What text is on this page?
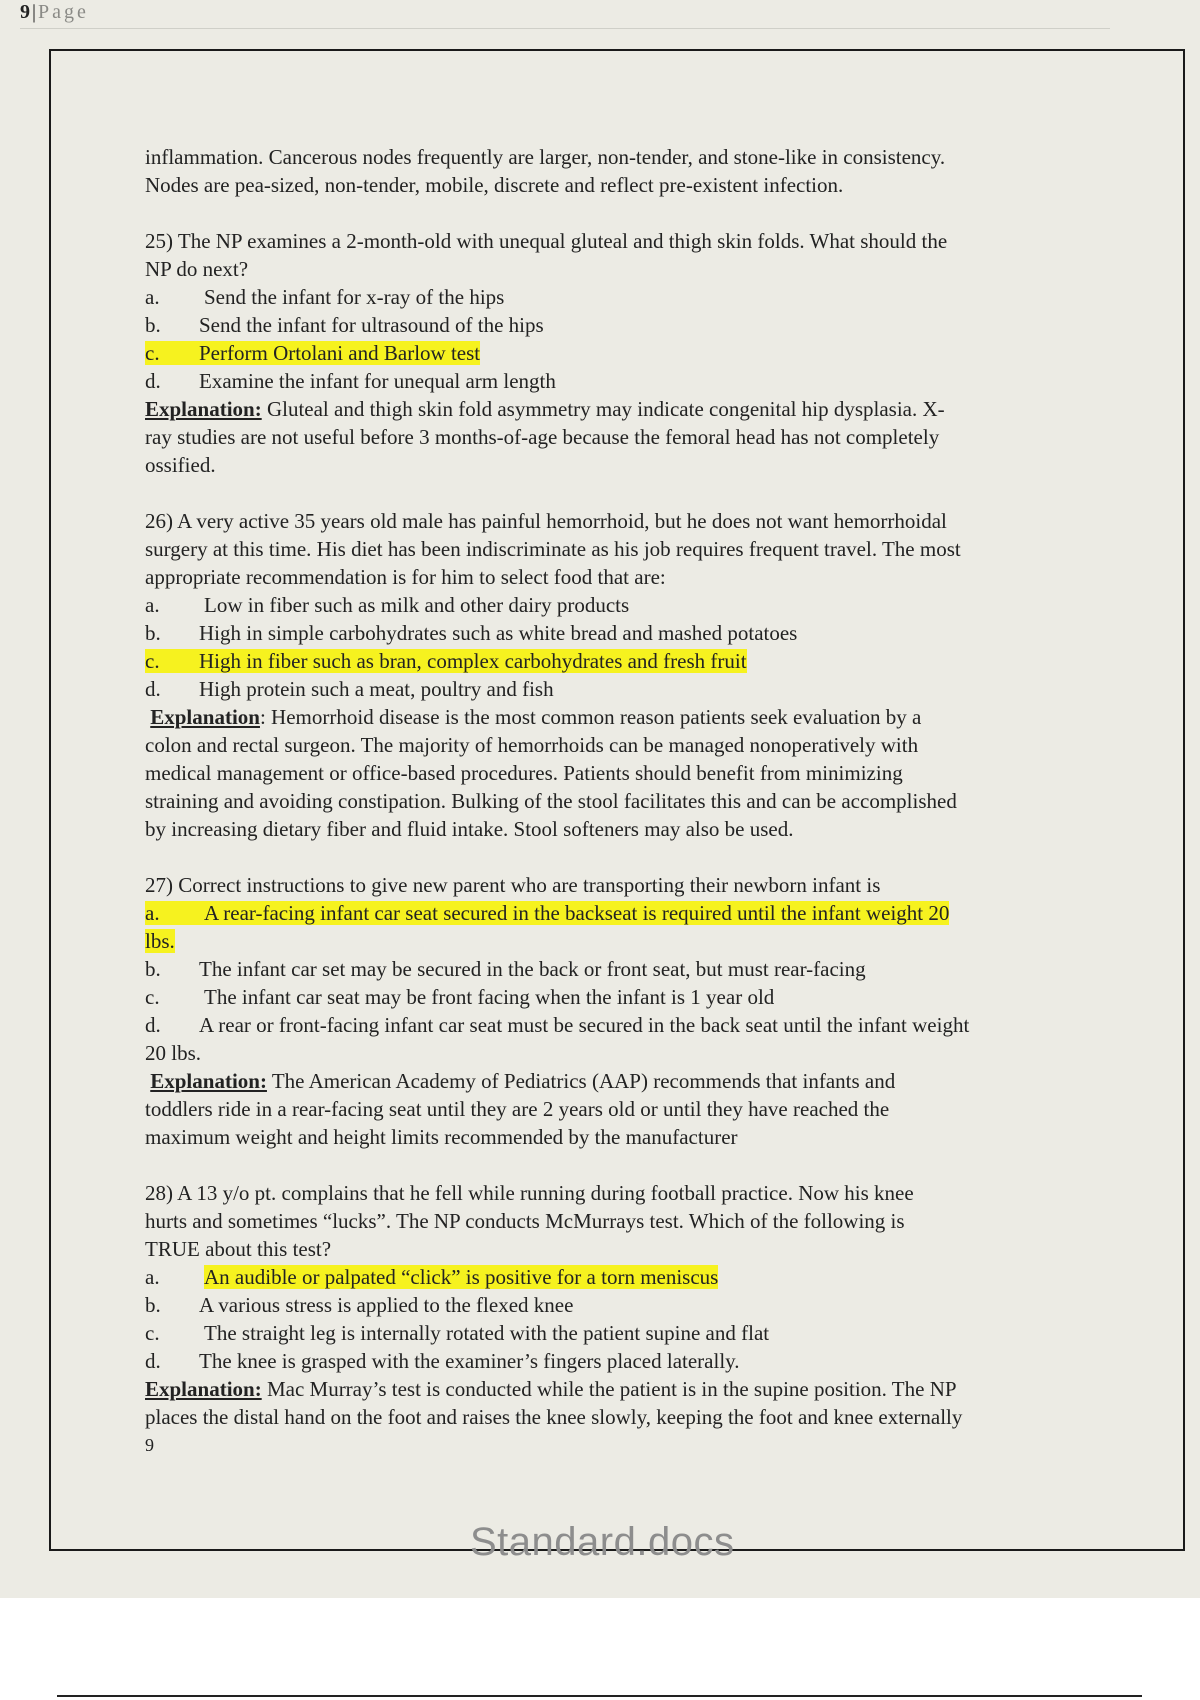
9 | Page

inflammation. Cancerous nodes frequently are larger, non-tender, and stone-like in consistency.

Nodes are pea-sized, non-tender, mobile, discrete and reflect pre-existent infection.

25) The NP examines a 2-month-old with unequal gluteal and thigh skin folds. What should the

NP do next?

a. Send the infant for x-ray of the hips
b. Send the infant for ultrasound of the hips
c. Perform Ortolani and Barlow test
d. Examine the infant for unequal arm length

Explanation: Gluteal and thigh skin fold asymmetry may indicate congenital hip dysplasia. X-

ray studies are not useful before 3 months-of-age because the femoral head has not completely

ossified.

26) A very active 35 years old male has painful hemorrhoid, but he does not want hemorrhoidal

surgery at this time. His diet has been indiscriminate as his job requires frequent travel. The most

appropriate recommendation is for him to select food that are:

a. Low in fiber such as milk and other dairy products
b. High in simple carbohydrates such as white bread and mashed potatoes
c. High in fiber such as bran, complex carbohydrates and fresh fruit
d. High protein such a meat, poultry and fish

Explanation: Hemorrhoid disease is the most common reason patients seek evaluation by a

colon and rectal surgeon. The majority of hemorrhoids can be managed nonoperatively with

medical management or office-based procedures. Patients should benefit from minimizing

straining and avoiding constipation. Bulking of the stool facilitates this and can be accomplished

by increasing dietary fiber and fluid intake. Stool softeners may also be used.

27) Correct instructions to give new parent who are transporting their newborn infant is

a. A rear-facing infant car seat secured in the backseat is required until the infant weight 20
lbs.
b. The infant car set may be secured in the back or front seat, but must rear-facing
c. The infant car seat may be front facing when the infant is 1 year old
d. A rear or front-facing infant car seat must be secured in the back seat until the infant weight
20 lbs.

Explanation: The American Academy of Pediatrics (AAP) recommends that infants and

toddlers ride in a rear-facing seat until they are 2 years old or until they have reached the

maximum weight and height limits recommended by the manufacturer

28) A 13 y/o pt. complains that he fell while running during football practice. Now his knee

hurts and sometimes “lucks”. The NP conducts McMurrays test. Which of the following is

TRUE about this test?

a. An audible or palpated “click” is positive for a torn meniscus
b. A various stress is applied to the flexed knee
c. The straight leg is internally rotated with the patient supine and flat
d. The knee is grasped with the examiner’s fingers placed laterally.

Explanation: Mac Murray’s test is conducted while the patient is in the supine position. The NP

places the distal hand on the foot and raises the knee slowly, keeping the foot and knee externally

9

Standard.docs
